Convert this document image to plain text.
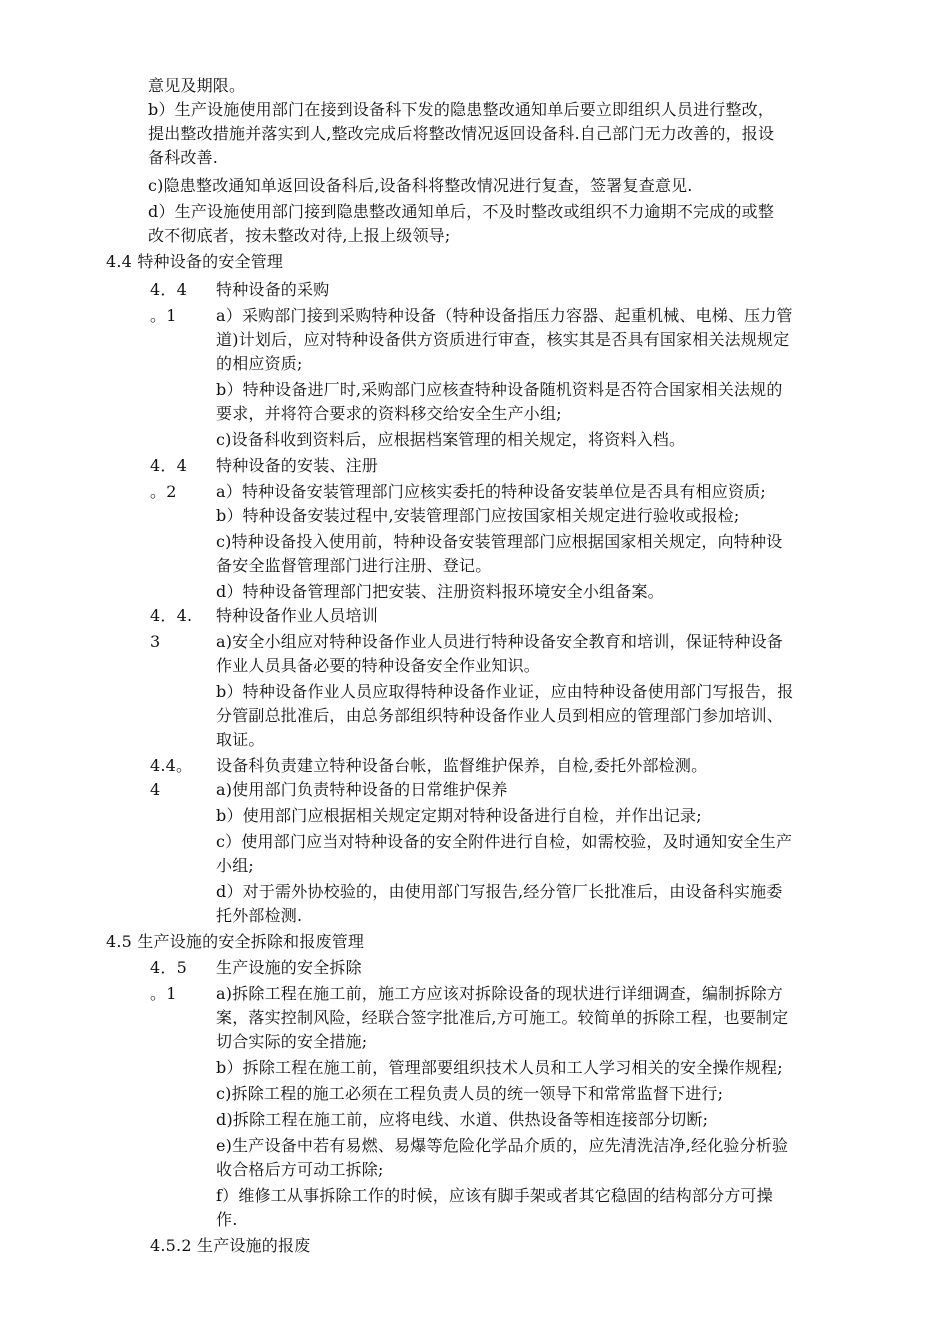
意见及期限。
b）生产设施使用部门在接到设备科下发的隐患整改通知单后要立即组织人员进行整改，
提出整改措施并落实到人,整改完成后将整改情况返回设备科.自己部门无力改善的，报设
备科改善.
c)隐患整改通知单返回设备科后,设备科将整改情况进行复查，签署复查意见.
d）生产设施使用部门接到隐患整改通知单后，不及时整改或组织不力逾期不完成的或整
改不彻底者，按未整改对待,上报上级领导;
4.4 特种设备的安全管理
4．4 特种设备的采购
。1 a）采购部门接到采购特种设备（特种设备指压力容器、起重机械、电梯、压力管
道)计划后，应对特种设备供方资质进行审查，核实其是否具有国家相关法规规定
的相应资质;
b）特种设备进厂时,采购部门应核查特种设备随机资料是否符合国家相关法规的
要求，并将符合要求的资料移交给安全生产小组;
c)设备科收到资料后，应根据档案管理的相关规定，将资料入档。
4．4 特种设备的安装、注册
。2 a）特种设备安装管理部门应核实委托的特种设备安装单位是否具有相应资质;
b）特种设备安装过程中,安装管理部门应按国家相关规定进行验收或报检;
c)特种设备投入使用前，特种设备安装管理部门应根据国家相关规定，向特种设
备安全监督管理部门进行注册、登记。
d）特种设备管理部门把安装、注册资料报环境安全小组备案。
4．4. 特种设备作业人员培训
3	a)安全小组应对特种设备作业人员进行特种设备安全教育和培训，保证特种设备
作业人员具备必要的特种设备安全作业知识。
b）特种设备作业人员应取得特种设备作业证，应由特种设备使用部门写报告，报
分管副总批准后，由总务部组织特种设备作业人员到相应的管理部门参加培训、
取证。
4.4。 设备科负责建立特种设备台帐，监督维护保养，自检,委托外部检测。
4	a)使用部门负责特种设备的日常维护保养
b）使用部门应根据相关规定定期对特种设备进行自检，并作出记录;
c）使用部门应当对特种设备的安全附件进行自检，如需校验，及时通知安全生产
小组;
d）对于需外协校验的，由使用部门写报告,经分管厂长批准后，由设备科实施委
托外部检测.
4.5 生产设施的安全拆除和报废管理
4．5 生产设施的安全拆除
。1 a)拆除工程在施工前，施工方应该对拆除设备的现状进行详细调查，编制拆除方
案，落实控制风险，经联合签字批准后,方可施工。较简单的拆除工程，也要制定
切合实际的安全措施;
b）拆除工程在施工前，管理部要组织技术人员和工人学习相关的安全操作规程;
c)拆除工程的施工必须在工程负责人员的统一领导下和常常监督下进行;
d)拆除工程在施工前，应将电线、水道、供热设备等相连接部分切断;
e)生产设备中若有易燃、易爆等危险化学品介质的，应先清洗洁净,经化验分析验
收合格后方可动工拆除;
f）维修工从事拆除工作的时候，应该有脚手架或者其它稳固的结构部分方可操
作.
4.5.2 生产设施的报废
